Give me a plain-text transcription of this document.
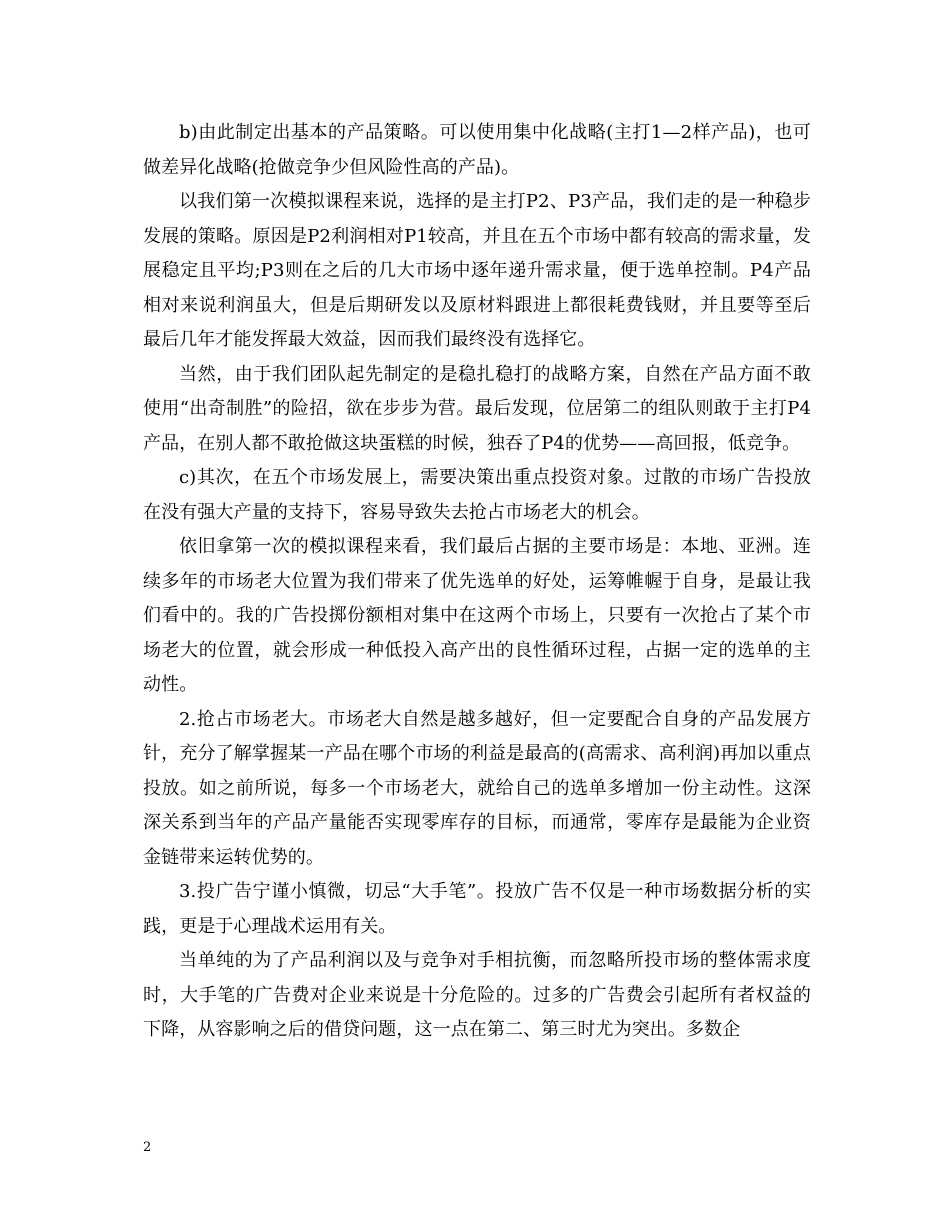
b)由此制定出基本的产品策略。可以使用集中化战略(主打1—2样产品)，也可做差异化战略(抢做竞争少但风险性高的产品)。

以我们第一次模拟课程来说，选择的是主打P2、P3产品，我们走的是一种稳步发展的策略。原因是P2利润相对P1较高，并且在五个市场中都有较高的需求量，发展稳定且平均;P3则在之后的几大市场中逐年递升需求量，便于选单控制。P4产品相对来说利润虽大，但是后期研发以及原材料跟进上都很耗费钱财，并且要等至后最后几年才能发挥最大效益，因而我们最终没有选择它。

当然，由于我们团队起先制定的是稳扎稳打的战略方案，自然在产品方面不敢使用“出奇制胜”的险招，欲在步步为营。最后发现，位居第二的组队则敢于主打P4产品，在别人都不敢抢做这块蛋糕的时候，独吞了P4的优势——高回报，低竞争。

c)其次，在五个市场发展上，需要决策出重点投资对象。过散的市场广告投放在没有强大产量的支持下，容易导致失去抢占市场老大的机会。

依旧拿第一次的模拟课程来看，我们最后占据的主要市场是：本地、亚洲。连续多年的市场老大位置为我们带来了优先选单的好处，运筹帷幄于自身，是最让我们看中的。我的广告投掷份额相对集中在这两个市场上，只要有一次抢占了某个市场老大的位置，就会形成一种低投入高产出的良性循环过程，占据一定的选单的主动性。

2.抢占市场老大。市场老大自然是越多越好，但一定要配合自身的产品发展方针，充分了解掌握某一产品在哪个市场的利益是最高的(高需求、高利润)再加以重点投放。如之前所说，每多一个市场老大，就给自己的选单多增加一份主动性。这深深关系到当年的产品产量能否实现零库存的目标，而通常，零库存是最能为企业资金链带来运转优势的。

3.投广告宁谨小慎微，切忌“大手笔”。投放广告不仅是一种市场数据分析的实践，更是于心理战术运用有关。

当单纯的为了产品利润以及与竞争对手相抗衡，而忽略所投市场的整体需求度时，大手笔的广告费对企业来说是十分危险的。过多的广告费会引起所有者权益的下降，从容影响之后的借贷问题，这一点在第二、第三时尤为突出。多数企

2
